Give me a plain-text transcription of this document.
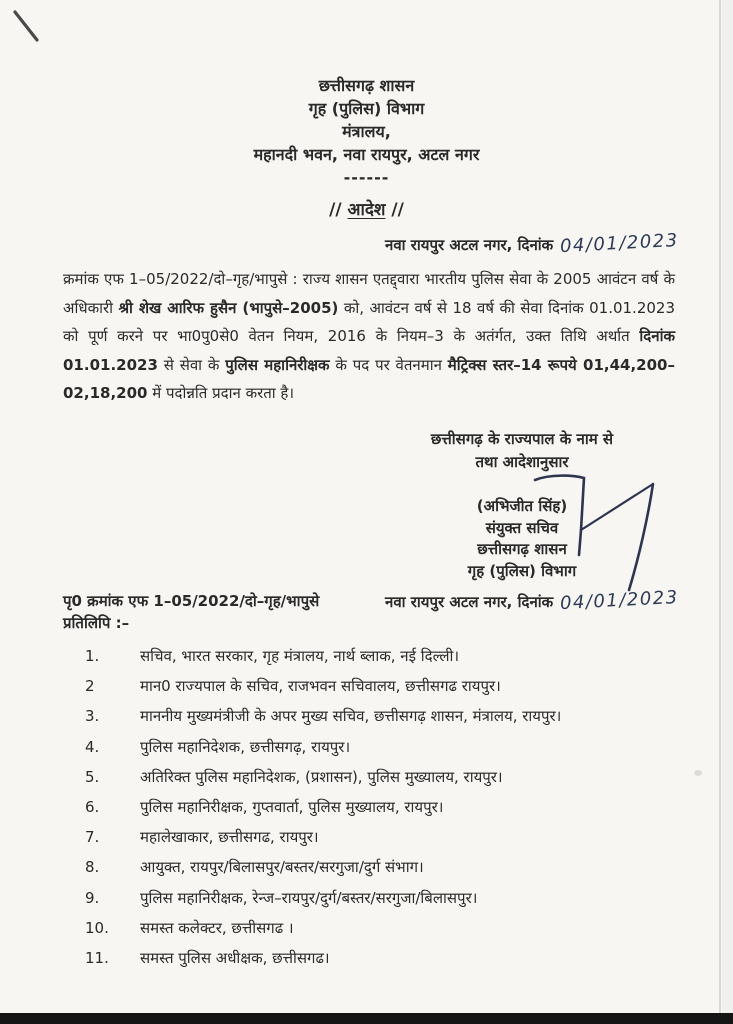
छत्तीसगढ़ शासन
गृह (पुलिस) विभाग
मंत्रालय,
महानदी भवन, नवा रायपुर, अटल नगर
------
// आदेश //
नवा रायपुर अटल नगर, दिनांक 04/01/2023
क्रमांक एफ 1–05/2022/दो–गृह/भापुसे : राज्य शासन एतद्द्वारा भारतीय पुलिस सेवा के 2005 आवंटन वर्ष के अधिकारी श्री शेख आरिफ हुसैन (भापुसे–2005) को, आवंटन वर्ष से 18 वर्ष की सेवा दिनांक 01.01.2023 को पूर्ण करने पर भा0पु0से0 वेतन नियम, 2016 के नियम–3 के अतंर्गत, उक्त तिथि अर्थात दिनांक 01.01.2023 से सेवा के पुलिस महानिरीक्षक के पद पर वेतनमान मैट्रिक्स स्तर–14 रूपये 01,44,200–02,18,200 में पदोन्नति प्रदान करता है।
छत्तीसगढ़ के राज्यपाल के नाम से
तथा आदेशानुसार
(अभिजीत सिंह)
संयुक्त सचिव
छत्तीसगढ़ शासन
गृह (पुलिस) विभाग
पृ0 क्रमांक एफ 1–05/2022/दो–गृह/भापुसे	नवा रायपुर अटल नगर, दिनांक 04/01/2023
प्रतिलिपि :–
1.	सचिव, भारत सरकार, गृह मंत्रालय, नार्थ ब्लाक, नई दिल्ली।
2	मान0 राज्यपाल के सचिव, राजभवन सचिवालय, छत्तीसगढ रायपुर।
3.	माननीय मुख्यमंत्रीजी के अपर मुख्य सचिव, छत्तीसगढ़ शासन, मंत्रालय, रायपुर।
4.	पुलिस महानिदेशक, छत्तीसगढ़, रायपुर।
5.	अतिरिक्त पुलिस महानिदेशक, (प्रशासन), पुलिस मुख्यालय, रायपुर।
6.	पुलिस महानिरीक्षक, गुप्तवार्ता, पुलिस मुख्यालय, रायपुर।
7.	महालेखाकार, छत्तीसगढ, रायपुर।
8.	आयुक्त, रायपुर/बिलासपुर/बस्तर/सरगुजा/दुर्ग संभाग।
9.	पुलिस महानिरीक्षक, रेन्ज–रायपुर/दुर्ग/बस्तर/सरगुजा/बिलासपुर।
10.	समस्त कलेक्टर, छत्तीसगढ ।
11.	समस्त पुलिस अधीक्षक, छत्तीसगढ।
